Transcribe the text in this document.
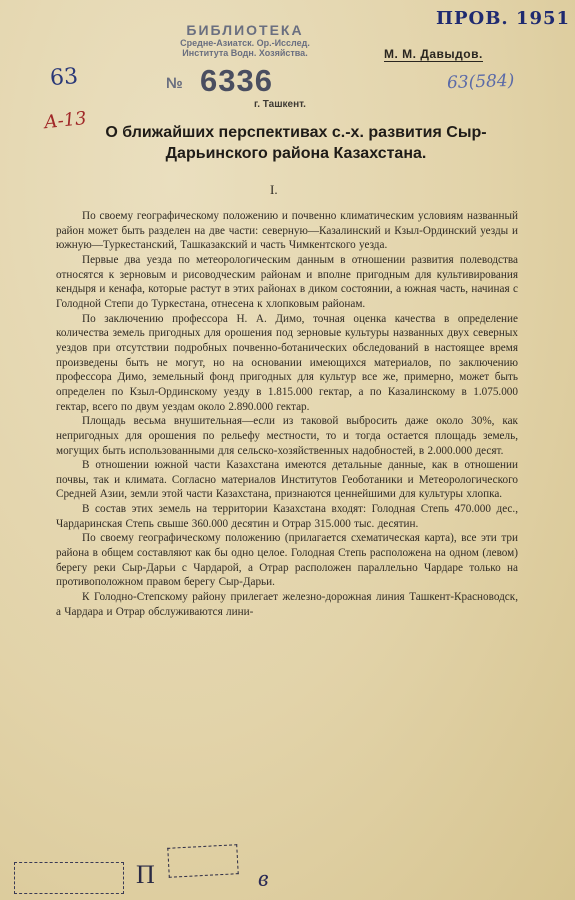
БИБЛИОТЕКА
Средне-Азиатск. Ор.-Исслед.
Института Водн. Хозяйства.
№ 6336
г. Ташкент.
ПРОВ. 1951
63
А-13
63(584)
М. М. Давыдов.
О ближайших перспективах с.-х. развития Сыр-Дарьинского района Казахстана.
I.

По своему географическому положению и почвенно климатическим условиям названный район может быть разделен на две части: северную—Казалинский и Кзыл-Ординский уезды и южную—Туркестанский, Ташказакский и часть Чимкентского уезда.

Первые два уезда по метеорологическим данным в отношении развития полеводства относятся к зерновым и рисоводческим районам и вполне пригодным для культивирования кендыря и кенафа, которые растут в этих районах в диком состоянии, а южная часть, начиная с Голодной Степи до Туркестана, отнесена к хлопковым районам.

По заключению профессора Н. А. Димо, точная оценка качества в определение количества земель пригодных для орошения под зерновые культуры названных двух северных уездов при отсутствии подробных почвенно-ботанических обследований в настоящее время произведены быть не могут, но на основании имеющихся материалов, по заключению профессора Димо, земельный фонд пригодных для культур все же, примерно, может быть определен по Кзыл-Ординскому уезду в 1.815.000 гектар, а по Казалинскому в 1.075.000 гектар, всего по двум уездам около 2.890.000 гектар.

Площадь весьма внушительная—если из таковой выбросить даже около 30%, как непригодных для орошения по рельефу местности, то и тогда остается площадь земель, могущих быть использованными для сельско-хозяйственных надобностей, в 2.000.000 десят.

В отношении южной части Казахстана имеются детальные данные, как в отношении почвы, так и климата. Согласно материалов Институтов Геоботаники и Метеорологического Средней Азии, земли этой части Казахстана, признаются ценнейшими для культуры хлопка.

В состав этих земель на территории Казахстана входят: Голодная Степь 470.000 дес., Чардаринская Степь свыше 360.000 десятин и Отрар 315.000 тыс. десятин.

По своему географическому положению (прилагается схематическая карта), все эти три района в общем составляют как бы одно целое. Голодная Степь расположена на одном (левом) берегу реки Сыр-Дарьи с Чардарой, а Отрар расположен параллельно Чардаре только на противоположном правом берегу Сыр-Дарьи.

К Голодно-Степскому району прилегает железно-дорожная линия Ташкент-Красноводск, а Чардара и Отрар обслуживаются лини-

П	в
